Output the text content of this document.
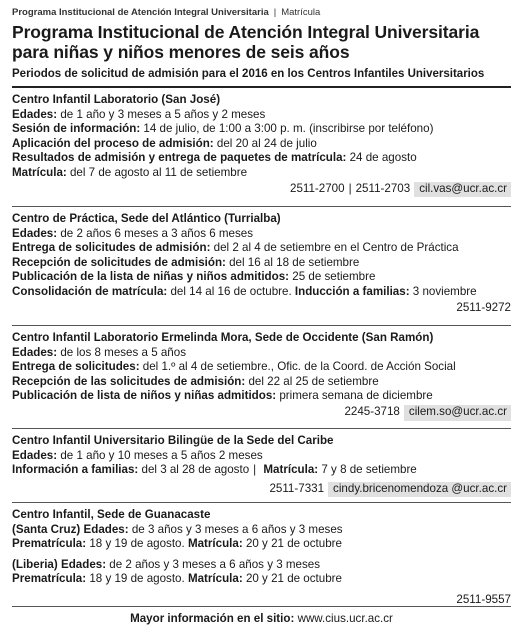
Programa Institucional de Atención Integral Universitaria | Matrícula
Programa Institucional de Atención Integral Universitaria
para niñas y niños menores de seis años
Periodos de solicitud de admisión para el 2016 en los Centros Infantiles Universitarios
Centro Infantil Laboratorio (San José)
Edades: de 1 año y 3 meses a 5 años y 2 meses
Sesión de información: 14 de julio, de 1:00 a 3:00 p. m. (inscribirse por teléfono)
Aplicación del proceso de admisión: del 20 al 24 de julio
Resultados de admisión y entrega de paquetes de matrícula: 24 de agosto
Matrícula: del 7 de agosto al 11 de setiembre
2511-2700 | 2511-2703 cil.vas@ucr.ac.cr
Centro de Práctica, Sede del Atlántico (Turrialba)
Edades: de 2 años 6 meses a 3 años 6 meses
Entrega de solicitudes de admisión: del 2 al 4 de setiembre en el Centro de Práctica
Recepción de solicitudes de admisión: del 16 al 18 de setiembre
Publicación de la lista de niñas y niños admitidos: 25 de setiembre
Consolidación de matrícula: del 14 al 16 de octubre. Inducción a familias: 3 noviembre
2511-9272
Centro Infantil Laboratorio Ermelinda Mora, Sede de Occidente (San Ramón)
Edades: de los 8 meses a 5 años
Entrega de solicitudes: del 1.º al 4 de setiembre., Ofic. de la Coord. de Acción Social
Recepción de las solicitudes de admisión: del 22 al 25 de setiembre
Publicación de lista de niños y niñas admitidos: primera semana de diciembre
2245-3718 cilem.so@ucr.ac.cr
Centro Infantil Universitario Bilingüe de la Sede del Caribe
Edades: de 1 año y 10 meses a 5 años 2 meses
Información a familias: del 3 al 28 de agosto | Matrícula: 7 y 8 de setiembre
2511-7331 cindy.bricenomendoza @ucr.ac.cr
Centro Infantil, Sede de Guanacaste
(Santa Cruz) Edades: de 3 años y 3 meses a 6 años y 3 meses
Prematrícula: 18 y 19 de agosto. Matrícula: 20 y 21 de octubre
(Liberia) Edades: de 2 años y 3 meses a 6 años y 3 meses
Prematrícula: 18 y 19 de agosto. Matrícula: 20 y 21 de octubre
2511-9557
Mayor información en el sitio: www.cius.ucr.ac.cr
